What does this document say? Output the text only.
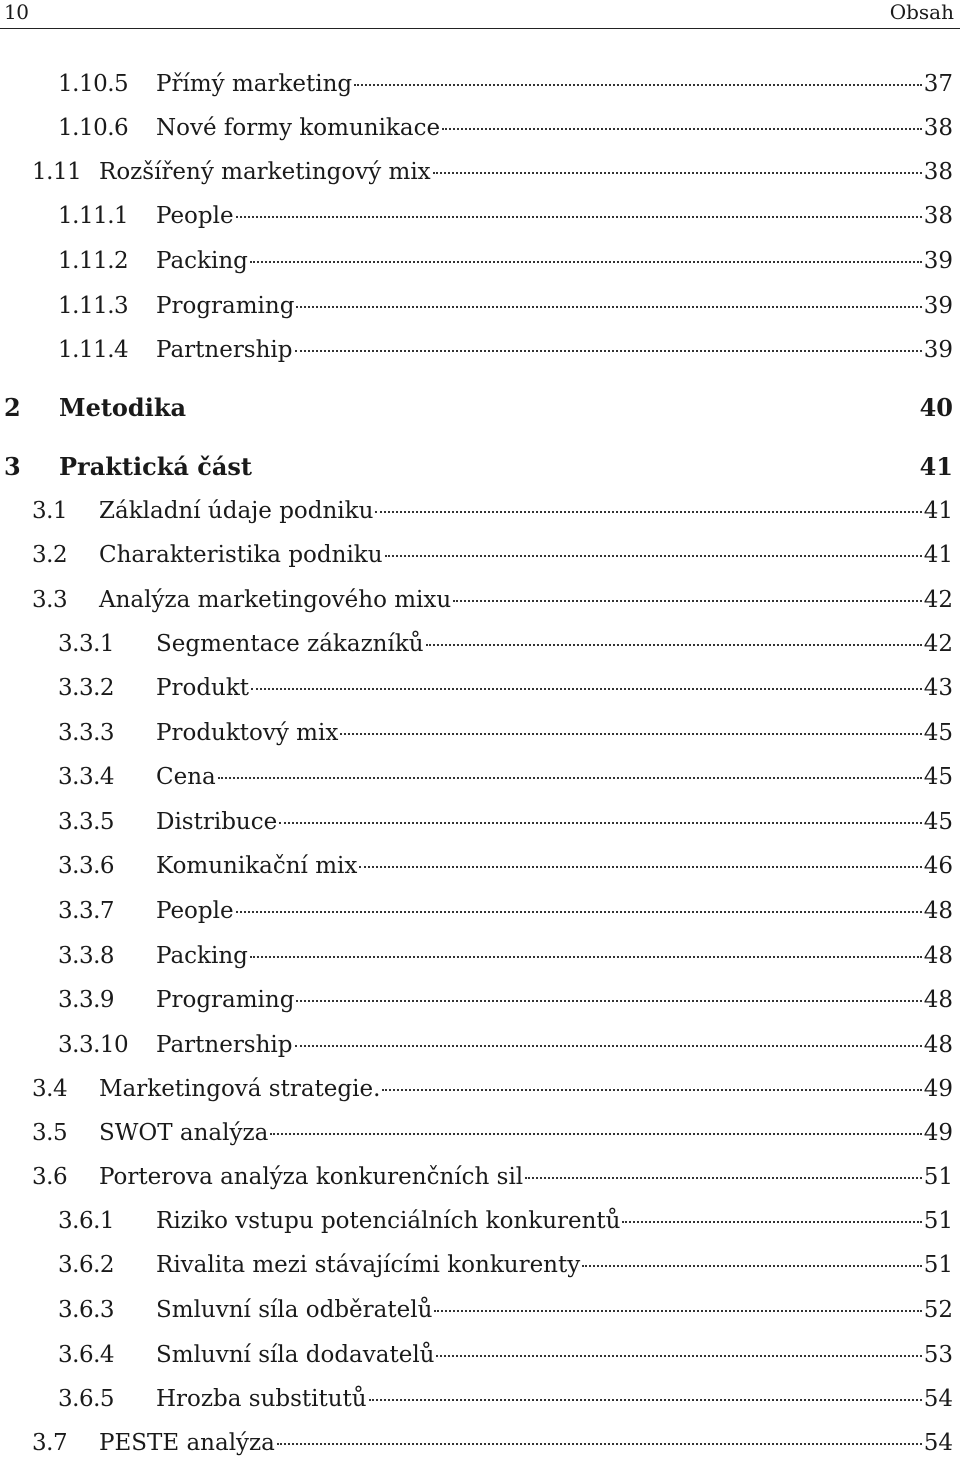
10	Obsah
1.10.5	Přímý marketing	37
1.10.6	Nové formy komunikace	38
1.11 Rozšířený marketingový mix	38
1.11.1	People	38
1.11.2	Packing	39
1.11.3	Programing	39
1.11.4	Partnership	39
2	Metodika	40
3	Praktická část	41
3.1	Základní údaje podniku	41
3.2	Charakteristika podniku	41
3.3	Analýza marketingového mixu	42
3.3.1	Segmentace zákazníků	42
3.3.2	Produkt	43
3.3.3	Produktový mix	45
3.3.4	Cena	45
3.3.5	Distribuce	45
3.3.6	Komunikační mix	46
3.3.7	People	48
3.3.8	Packing	48
3.3.9	Programing	48
3.3.10	Partnership	48
3.4	Marketingová strategie.	49
3.5	SWOT analýza	49
3.6	Porterova analýza konkurenčních sil	51
3.6.1	Riziko vstupu potenciálních konkurentů	51
3.6.2	Rivalita mezi stávajícími konkurenty	51
3.6.3	Smluvní síla odběratelů	52
3.6.4	Smluvní síla dodavatelů	53
3.6.5	Hrozba substitutů	54
3.7	PESTE analýza	54
